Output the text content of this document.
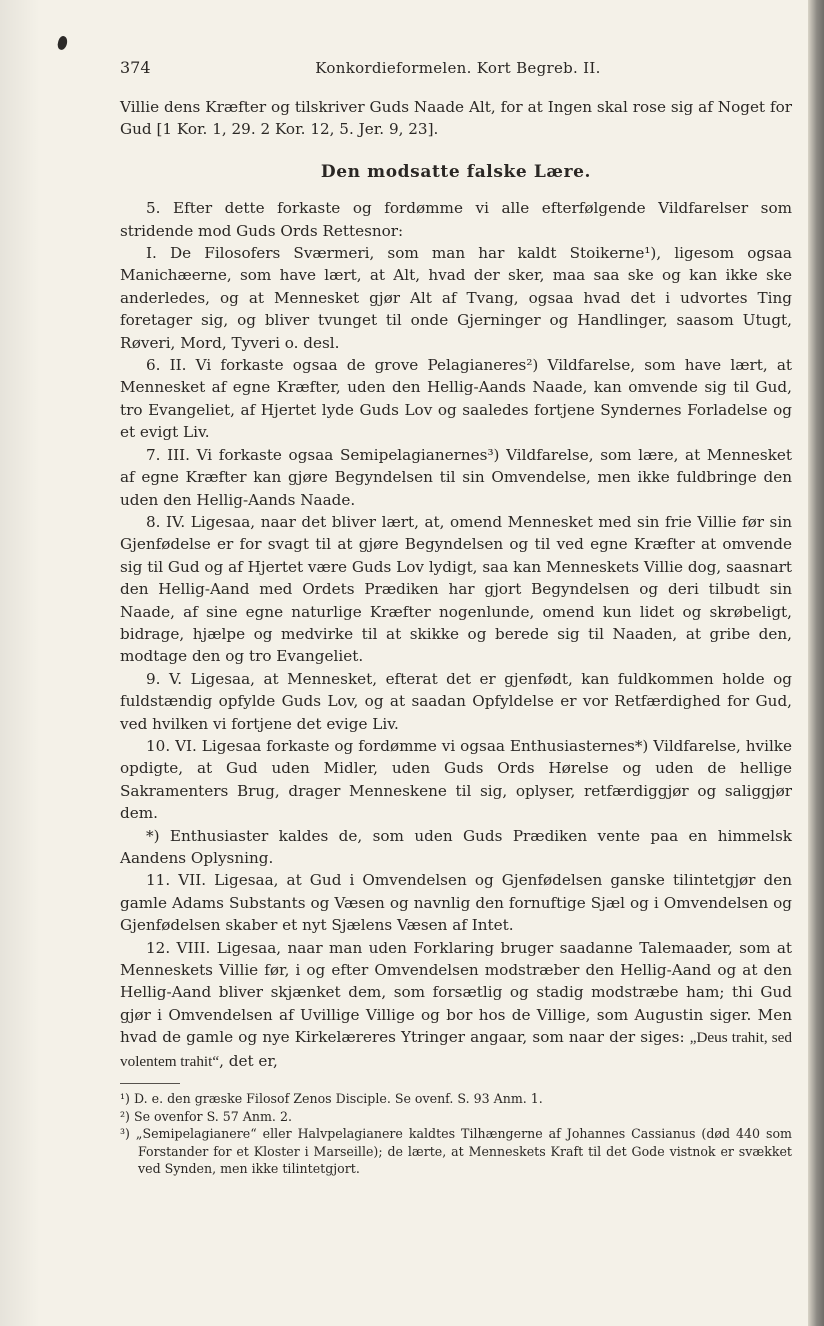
374	Konkordieformelen. Kort Begreb. II.

Villie dens Kræfter og tilskriver Guds Naade Alt, for at Ingen skal rose sig af Noget for Gud [1 Kor. 1, 29. 2 Kor. 12, 5. Jer. 9, 23].

Den modsatte falske Lære.

5. Efter dette forkaste og fordømme vi alle efterfølgende Vildfarelser som stridende mod Guds Ords Rettesnor:

I. De Filosofers Sværmeri, som man har kaldt Stoikerne¹), ligesom ogsaa Manichæerne, som have lært, at Alt, hvad der sker, maa saa ske og kan ikke ske anderledes, og at Mennesket gjør Alt af Tvang, ogsaa hvad det i udvortes Ting foretager sig, og bliver tvunget til onde Gjerninger og Handlinger, saasom Utugt, Røveri, Mord, Tyveri o. desl.

6. II. Vi forkaste ogsaa de grove Pelagianeres²) Vildfarelse, som have lært, at Mennesket af egne Kræfter, uden den Hellig-Aands Naade, kan omvende sig til Gud, tro Evangeliet, af Hjertet lyde Guds Lov og saaledes fortjene Syndernes Forladelse og et evigt Liv.

7. III. Vi forkaste ogsaa Semipelagianernes³) Vildfarelse, som lære, at Mennesket af egne Kræfter kan gjøre Begyndelsen til sin Omvendelse, men ikke fuldbringe den uden den Hellig-Aands Naade.

8. IV. Ligesaa, naar det bliver lært, at, omend Mennesket med sin frie Villie før sin Gjenfødelse er for svagt til at gjøre Begyndelsen og til ved egne Kræfter at omvende sig til Gud og af Hjertet være Guds Lov lydigt, saa kan Menneskets Villie dog, saasnart den Hellig-Aand med Ordets Prædiken har gjort Begyndelsen og deri tilbudt sin Naade, af sine egne naturlige Kræfter nogenlunde, omend kun lidet og skrøbeligt, bidrage, hjælpe og medvirke til at skikke og berede sig til Naaden, at gribe den, modtage den og tro Evangeliet.

9. V. Ligesaa, at Mennesket, efterat det er gjenfødt, kan fuldkommen holde og fuldstændig opfylde Guds Lov, og at saadan Opfyldelse er vor Retfærdighed for Gud, ved hvilken vi fortjene det evige Liv.

10. VI. Ligesaa forkaste og fordømme vi ogsaa Enthusiasternes*) Vildfarelse, hvilke opdigte, at Gud uden Midler, uden Guds Ords Hørelse og uden de hellige Sakramenters Brug, drager Menneskene til sig, oplyser, retfærdiggjør og saliggjør dem.

*) Enthusiaster kaldes de, som uden Guds Prædiken vente paa en himmelsk Aandens Oplysning.

11. VII. Ligesaa, at Gud i Omvendelsen og Gjenfødelsen ganske tilintetgjør den gamle Adams Substants og Væsen og navnlig den fornuftige Sjæl og i Omvendelsen og Gjenfødelsen skaber et nyt Sjælens Væsen af Intet.

12. VIII. Ligesaa, naar man uden Forklaring bruger saadanne Talemaader, som at Menneskets Villie før, i og efter Omvendelsen modstræber den Hellig-Aand og at den Hellig-Aand bliver skjænket dem, som forsætlig og stadig modstræbe ham; thi Gud gjør i Omvendelsen af Uvillige Villige og bor hos de Villige, som Augustin siger. Men hvad de gamle og nye Kirkelæreres Ytringer angaar, som naar der siges: „Deus trahit, sed volentem trahit“, det er,

¹) D. e. den græske Filosof Zenos Disciple. Se ovenf. S. 93 Anm. 1.

²) Se ovenfor S. 57 Anm. 2.

³) „Semipelagianere“ eller Halvpelagianere kaldtes Tilhængerne af Johannes Cassianus (død 440 som Forstander for et Kloster i Marseille); de lærte, at Menneskets Kraft til det Gode vistnok er svækket ved Synden, men ikke tilintetgjort.
